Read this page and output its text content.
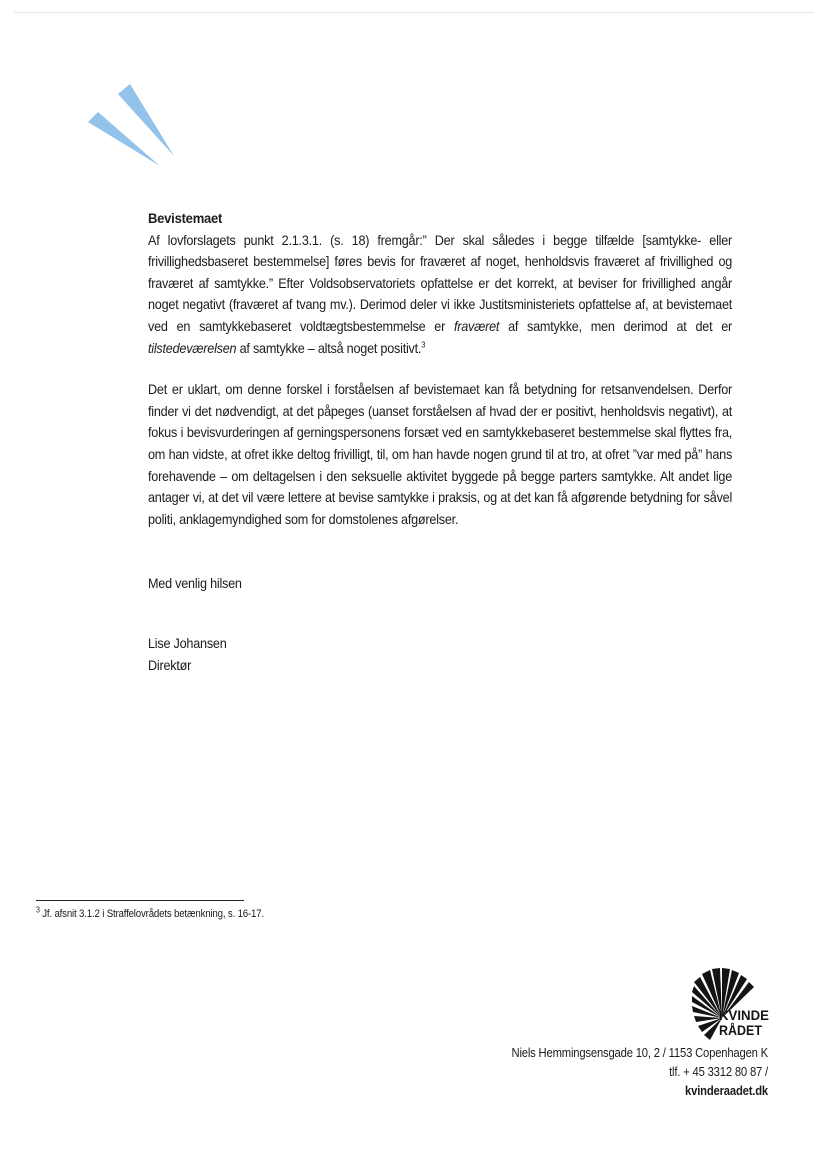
Bevistemaet

Af lovforslagets punkt 2.1.3.1. (s. 18) fremgår:” Der skal således i begge tilfælde [samtykke- eller frivillighedsbaseret bestemmelse] føres bevis for fraværet af noget, henholdsvis fraværet af frivillighed og fraværet af samtykke.” Efter Voldsobservatoriets opfattelse er det korrekt, at beviser for frivillighed angår noget negativt (fraværet af tvang mv.). Derimod deler vi ikke Justitsministeriets opfattelse af, at bevistemaet ved en samtykkebaseret voldtægtsbestemmelse er fraværet af samtykke, men derimod at det er tilstedeværelsen af samtykke – altså noget positivt.$^3$

Det er uklart, om denne forskel i forståelsen af bevistemaet kan få betydning for retsanvendelsen. Derfor finder vi det nødvendigt, at det påpeges (uanset forståelsen af hvad der er positivt, henholdsvis negativt), at fokus i bevisvurderingen af gerningspersonens forsæt ved en samtykkebaseret bestemmelse skal flyttes fra, om han vidste, at ofret ikke deltog frivilligt, til, om han havde nogen grund til at tro, at ofret ”var med på” hans forehavende – om deltagelsen i den seksuelle aktivitet byggede på begge parters samtykke. Alt andet lige antager vi, at det vil være lettere at bevise samtykke i praksis, og at det kan få afgørende betydning for såvel politi, anklagemyndighed som for domstolenes afgørelser.

Med venlig hilsen

Lise Johansen

Direktør

$^3$ Jf. afsnit 3.1.2 i Straffelovrådets betænkning, s. 16-17.
KVINDE
RÅDET
Niels Hemmingsensgade 10, 2 / 1153 Copenhagen K
tlf. + 45 3312 80 87 /
kvinderaadet.dk
